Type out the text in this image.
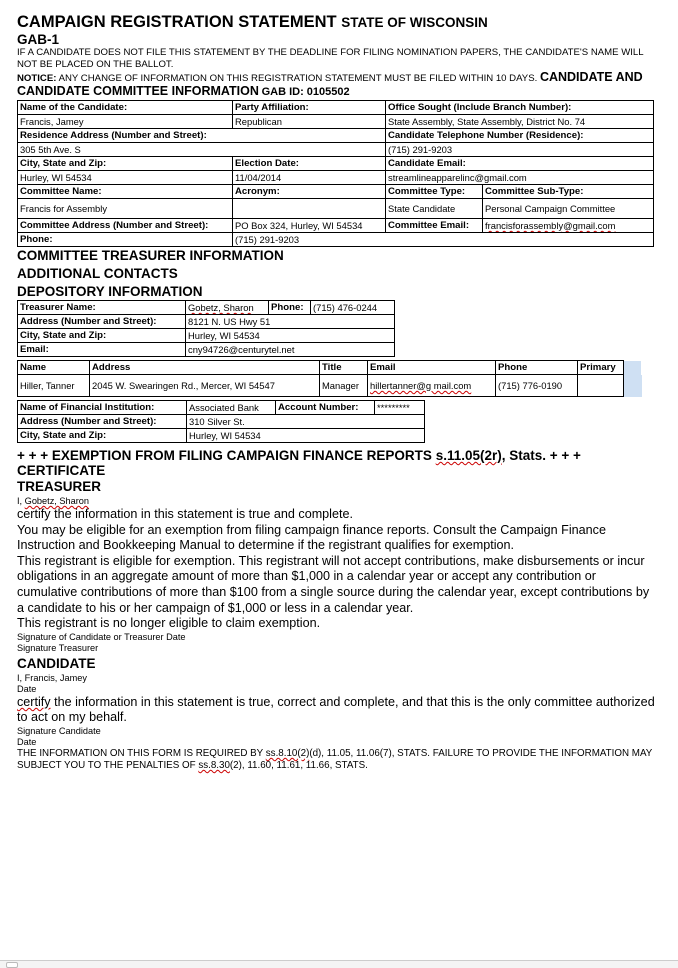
CAMPAIGN REGISTRATION STATEMENT STATE OF WISCONSIN
GAB-1
IF A CANDIDATE DOES NOT FILE THIS STATEMENT BY THE DEADLINE FOR FILING NOMINATION PAPERS, THE CANDIDATE'S NAME WILL NOT BE PLACED ON THE BALLOT.
NOTICE: ANY CHANGE OF INFORMATION ON THIS REGISTRATION STATEMENT MUST BE FILED WITHIN 10 DAYS. CANDIDATE AND CANDIDATE COMMITTEE INFORMATION GAB ID: 0105502
Name of the Candidate:	Party Affiliation:	Office Sought (Include Branch Number):	
Francis, Jamey	Republican	State Assembly, State Assembly, District No. 74	
Residence Address (Number and Street):		Candidate Telephone Number (Residence):	
305 5th Ave. S		(715) 291-9203	
City, State and Zip:	Election Date:	Candidate Email:	
Hurley, WI 54534	11/04/2014	streamlineapparelinc@gmail.com	
Committee Name:	Acronym:	Committee Type:	Committee Sub-Type:
Francis for Assembly		State Candidate	Personal Campaign Committee
Committee Address (Number and Street):	PO Box 324, Hurley, WI 54534	Committee Email:	francisforassembly@gmail.com
Phone:	(715) 291-9203		
COMMITTEE TREASURER INFORMATION
ADDITIONAL CONTACTS
DEPOSITORY INFORMATION
Treasurer Name:	Gobetz, Sharon	Phone:	(715) 476-0244
Address (Number and Street):	8121 N. US Hwy 51		
City, State and Zip:	Hurley, WI 54534		
Email:	cny94726@centurytel.net		
Name	Address	Title	Email	Phone	Primary	
Hiller, Tanner	2045 W. Swearingen Rd., Mercer, WI 54547	Manager	hillertanner@g mail.com	(715) 776-0190		
Name of Financial Institution:	Associated Bank	Account Number:	*********
Address (Number and Street):	310 Silver St.		
City, State and Zip:	Hurley, WI 54534		
+ + + EXEMPTION FROM FILING CAMPAIGN FINANCE REPORTS s.11.05(2r), Stats. + + +
CERTIFICATE
TREASURER
I, Gobetz, Sharon
certify the information in this statement is true and complete.
You may be eligible for an exemption from filing campaign finance reports. Consult the Campaign Finance Instruction and Bookkeeping Manual to determine if the registrant qualifies for exemption.
This registrant is eligible for exemption. This registrant will not accept contributions, make disbursements or incur obligations in an aggregate amount of more than $1,000 in a calendar year or accept any contribution or cumulative contributions of more than $100 from a single source during the calendar year, except contributions by a candidate to his or her campaign of $1,000 or less in a calendar year.
This registrant is no longer eligible to claim exemption.
Signature of Candidate or Treasurer Date
Signature Treasurer
CANDIDATE
I, Francis, Jamey
Date
certify the information in this statement is true, correct and complete, and that this is the only committee authorized to act on my behalf.
Signature Candidate
Date
THE INFORMATION ON THIS FORM IS REQUIRED BY ss.8.10(2)(d), 11.05, 11.06(7), STATS. FAILURE TO PROVIDE THE INFORMATION MAY SUBJECT YOU TO THE PENALTIES OF ss.8.30(2), 11.60, 11.61, 11.66, STATS.
